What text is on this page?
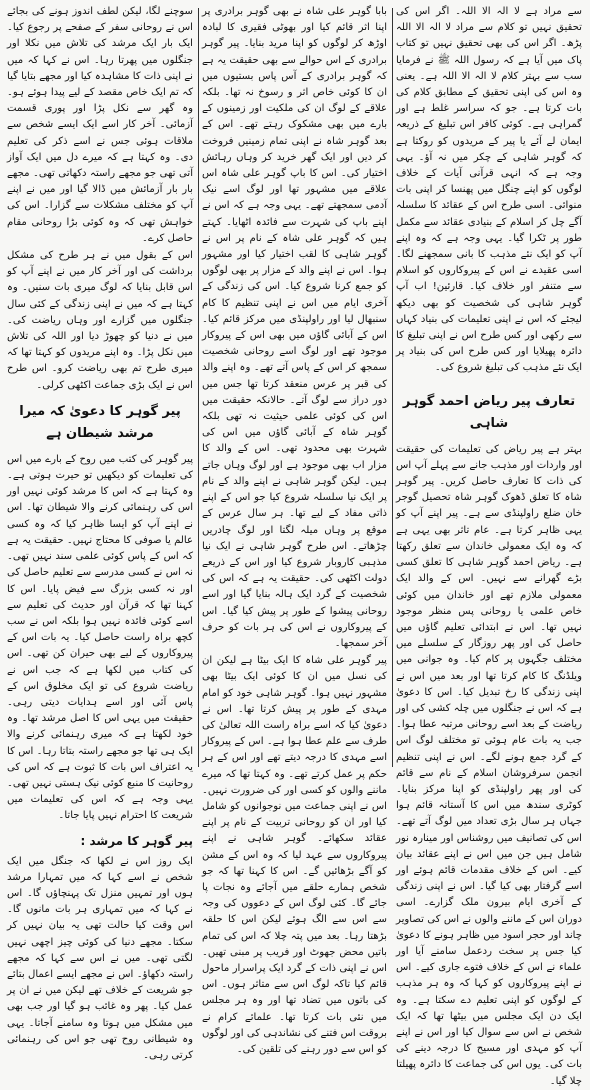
سے مراد ہے لا الہ الا اللہ۔ اگر اس کی تحقیق نہیں تو کلام سے مراد لا الہ الا اللہ پڑھ۔ اگر اس کی بھی تحقیق نہیں تو کتاب پاک میں آیا ہے کہ رسول اللہ ﷺ نے فرمایا سب سے بہتر کلام لا الہ الا اللہ ہے۔ یعنی وہ اس کی اپنی تحقیق کے مطابق کلام کی بات کرتا ہے۔ جو کہ سراسر غلط ہے اور گمراہی ہے۔ کوئی کافر اس تبلیغ کے ذریعہ ایمان لے آئے یا پیر کے مریدوں کو روکتا ہے کہ گوہر شاہی کے چکر میں نہ آؤ۔ یہی وجہ ہے کہ انہی قرآنی آیات کے خلاف لوگوں کو اپنے چنگل میں پھنسا کر اپنی بات منوائی۔ اسی طرح اس کے عقائد کا سلسلہ آگے چل کر اسلام کے بنیادی عقائد سے مکمل طور پر ٹکرا گیا۔ یہی وجہ ہے کہ وہ اپنے آپ کو ایک نئے مذہب کا بانی سمجھنے لگا۔ اسی عقیدے نے اس کے پیروکاروں کو اسلام سے متنفر اور خلاف کیا۔ قارئین! اب آپ گوہر شاہی کی شخصیت کو بھی دیکھ لیجئے کہ اس نے اپنی تعلیمات کی بنیاد کہاں سے رکھی اور کس طرح اس نے اپنی تبلیغ کا دائرہ پھیلایا اور کس طرح اس کی بنیاد پر ایک نئے مذہب کی تبلیغ شروع کی۔

تعارف پیر ریاض احمد گوہر شاہی

بہتر ہے پیر ریاض کی تعلیمات کی حقیقت اور واردات اور مذہب جانے سے پہلے آپ اس کی ذات کا تعارف حاصل کریں۔ پیر گوہر شاہ کا تعلق ڈھوک گوہر شاہ تحصیل گوجر خان ضلع راولپنڈی سے ہے۔ پیر اپنے آپ کو یہی ظاہر کرتا ہے۔ عام تاثر بھی یہی ہے کہ وہ ایک معمولی خاندان سے تعلق رکھتا ہے۔ ریاض احمد گوہر شاہی کا تعلق کسی بڑے گھرانے سے نہیں۔ اس کے والد ایک معمولی ملازم تھے اور خاندان میں کوئی خاص علمی یا روحانی پس منظر موجود نہیں تھا۔ اس نے ابتدائی تعلیم گاؤں میں حاصل کی اور پھر روزگار کے سلسلے میں مختلف جگہوں پر کام کیا۔ وہ جوانی میں ویلڈنگ کا کام کرتا تھا اور بعد میں اس نے اپنی زندگی کا رخ تبدیل کیا۔ اس کا دعویٰ ہے کہ اس نے جنگلوں میں چلہ کشی کی اور ریاضت کے بعد اسے روحانی مرتبہ عطا ہوا۔ جب یہ بات عام ہوئی تو مختلف لوگ اس کے گرد جمع ہونے لگے۔ اس نے اپنی تنظیم انجمن سرفروشان اسلام کے نام سے قائم کی اور پھر راولپنڈی کو اپنا مرکز بنایا۔ کوٹری سندھ میں اس کا آستانہ قائم ہوا جہاں ہر سال بڑی تعداد میں لوگ آتے تھے۔ اس کی تصانیف میں روشناس اور مینارہ نور شامل ہیں جن میں اس نے اپنے عقائد بیان کیے۔ اس کے خلاف مقدمات قائم ہوئے اور اسے گرفتار بھی کیا گیا۔ اس نے اپنی زندگی کے آخری ایام بیرون ملک گزارے۔ اسی دوران اس کے ماننے والوں نے اس کی تصاویر چاند اور حجر اسود میں ظاہر ہونے کا دعویٰ کیا جس پر سخت ردعمل سامنے آیا اور علماء نے اس کے خلاف فتوے جاری کیے۔ اس نے اپنے پیروکاروں کو کہا کہ وہ ہر مذہب کے لوگوں کو اپنی تعلیم دے سکتا ہے۔ وہ ایک دن ایک مجلس میں بیٹھا تھا کہ ایک شخص نے اس سے سوال کیا اور اس نے اپنے آپ کو مہدی اور مسیح کا درجہ دینے کی بات کی۔ یوں اس کی جماعت کا دائرہ پھیلتا چلا گیا۔

بابا گوہر علی شاہ نے بھی گوہر برادری پر اپنا اثر قائم کیا اور بھوٹی فقیری کا لبادہ اوڑھ کر لوگوں کو اپنا مرید بنایا۔ پیر گوہر برادری کے اس حوالے سے بھی حقیقت یہ ہے کہ گوہر برادری کے آس پاس بستیوں میں ان کا کوئی خاص اثر و رسوخ نہ تھا۔ بلکہ علاقے کے لوگ ان کی ملکیت اور زمینوں کے بارے میں بھی مشکوک رہتے تھے۔ اس کے بعد گوہر شاہ نے اپنی تمام زمینیں فروخت کر دیں اور ایک گھر خرید کر وہاں رہائش اختیار کی۔ اس کا باپ گوہر علی شاہ اس علاقے میں مشہور تھا اور لوگ اسے نیک آدمی سمجھتے تھے۔ یہی وجہ ہے کہ اس نے اپنے باپ کی شہرت سے فائدہ اٹھایا۔ کہتے ہیں کہ گوہر علی شاہ کے نام پر اس نے گوہر شاہی کا لقب اختیار کیا اور مشہور ہوا۔ اس نے اپنے والد کے مزار پر بھی لوگوں کو جمع کرنا شروع کیا۔ اس کی زندگی کے آخری ایام میں اس نے اپنی تنظیم کا کام سنبھال لیا اور راولپنڈی میں مرکز قائم کیا۔ اس کے آبائی گاؤں میں بھی اس کے پیروکار موجود تھے اور لوگ اسے روحانی شخصیت سمجھ کر اس کے پاس آتے تھے۔ وہ اپنے والد کی قبر پر عرس منعقد کرتا تھا جس میں دور دراز سے لوگ آتے۔ حالانکہ حقیقت میں اس کی کوئی علمی حیثیت نہ تھی بلکہ گوہر شاہ کے آبائی گاؤں میں اس کی شہرت بھی محدود تھی۔ اس کے والد کا مزار اب بھی موجود ہے اور لوگ وہاں جاتے ہیں۔ لیکن گوہر شاہی نے اپنے والد کے نام پر ایک نیا سلسلہ شروع کیا جو اس کے اپنے ذاتی مفاد کے لیے تھا۔ ہر سال عرس کے موقع پر وہاں میلہ لگتا اور لوگ چادریں چڑھاتے۔ اس طرح گوہر شاہی نے ایک نیا مذہبی کاروبار شروع کیا اور اس کے ذریعے دولت اکٹھی کی۔ حقیقت یہ ہے کہ اس کی شخصیت کے گرد ایک ہالہ بنایا گیا اور اسے روحانی پیشوا کے طور پر پیش کیا گیا۔ اس کے پیروکاروں نے اس کی ہر بات کو حرف آخر سمجھا۔

پیر گوہر علی شاہ کا ایک بیٹا ہے لیکن ان کی نسل میں ان کا کوئی ایک بیٹا بھی مشہور نہیں ہوا۔ گوہر شاہی خود کو امام مہدی کے طور پر پیش کرتا تھا۔ اس نے دعویٰ کیا کہ اسے براہ راست اللہ تعالیٰ کی طرف سے علم عطا ہوا ہے۔ اس کے پیروکار اسے مہدی کا درجہ دیتے تھے اور اس کے ہر حکم پر عمل کرتے تھے۔ وہ کہتا تھا کہ میرے ماننے والوں کو کسی اور کی ضرورت نہیں۔ اس نے اپنی جماعت میں نوجوانوں کو شامل کیا اور ان کو روحانی تربیت کے نام پر اپنے عقائد سکھائے۔ گوہر شاہی نے اپنے پیروکاروں سے عہد لیا کہ وہ اس کے مشن کو آگے بڑھائیں گے۔ اس کا کہنا تھا کہ جو شخص ہمارے حلقے میں آجائے وہ نجات پا جائے گا۔ کئی لوگ اس کے دعووں کی وجہ سے اس سے الگ ہوئے لیکن اس کا حلقہ بڑھتا رہا۔ بعد میں پتہ چلا کہ اس کی تمام باتیں محض جھوٹ اور فریب پر مبنی تھیں۔ اس نے اپنی ذات کے گرد ایک پراسرار ماحول قائم کیا تاکہ لوگ اس سے متاثر ہوں۔ اس کی باتوں میں تضاد تھا اور وہ ہر مجلس میں نئی بات کرتا تھا۔ علمائے کرام نے بروقت اس فتنے کی نشاندہی کی اور لوگوں کو اس سے دور رہنے کی تلقین کی۔

سوچنے لگا، لیکن لطف اندوز ہونے کی بجائے اس نے روحانی سفر کے صفحے پر رجوع کیا۔ ایک بار ایک مرشد کی تلاش میں نکلا اور جنگلوں میں پھرتا رہا۔ اس نے کہا کہ میں نے اپنی ذات کا مشاہدہ کیا اور مجھے بتایا گیا کہ تم ایک خاص مقصد کے لیے پیدا ہوئے ہو۔ وہ گھر سے نکل پڑا اور پوری قسمت آزمائی۔ آخر کار اسے ایک ایسے شخص سے ملاقات ہوئی جس نے اسے ذکر کی تعلیم دی۔ وہ کہتا ہے کہ میرے دل میں ایک آواز آتی تھی جو مجھے راستہ دکھاتی تھی۔ مجھے بار بار آزمائش میں ڈالا گیا اور میں نے اپنے آپ کو مختلف مشکلات سے گزارا۔ اس کی خواہش تھی کہ وہ کوئی بڑا روحانی مقام حاصل کرے۔

اس کے بقول میں نے ہر طرح کی مشکل برداشت کی اور آخر کار میں نے اپنے آپ کو اس قابل بنایا کہ لوگ میری بات سنیں۔ وہ کہتا ہے کہ میں نے اپنی زندگی کے کئی سال جنگلوں میں گزارے اور وہاں ریاضت کی۔ میں نے دنیا کو چھوڑ دیا اور اللہ کی تلاش میں نکل پڑا۔ وہ اپنے مریدوں کو کہتا تھا کہ میری طرح تم بھی ریاضت کرو۔ اس طرح اس نے ایک بڑی جماعت اکٹھی کرلی۔

پیر گوہر کا دعویٰ کہ میرا مرشد شیطان ہے

پیر گوہر کی کتب میں روح کے بارے میں اس کی تعلیمات کو دیکھیں تو حیرت ہوتی ہے۔ وہ کہتا ہے کہ اس کا مرشد کوئی نہیں اور اس کی رہنمائی کرنے والا شیطان تھا۔ اس نے اپنے آپ کو ایسا ظاہر کیا کہ وہ کسی عالم یا صوفی کا محتاج نہیں۔ حقیقت یہ ہے کہ اس کے پاس کوئی علمی سند نہیں تھی۔ نہ اس نے کسی مدرسے سے تعلیم حاصل کی اور نہ کسی بزرگ سے فیض پایا۔ اس کا کہنا تھا کہ قرآن اور حدیث کی تعلیم سے اسے کوئی فائدہ نہیں ہوا بلکہ اس نے سب کچھ براہ راست حاصل کیا۔ یہ بات اس کے پیروکاروں کے لیے بھی حیران کن تھی۔ اس کی کتاب میں لکھا ہے کہ جب اس نے ریاضت شروع کی تو ایک مخلوق اس کے پاس آئی اور اسے ہدایات دیتی رہی۔ حقیقت میں یہی اس کا اصل مرشد تھا۔ وہ خود لکھتا ہے کہ میری رہنمائی کرنے والا ایک ہی تھا جو مجھے راستہ بتاتا رہا۔ اس کا یہ اعتراف اس بات کا ثبوت ہے کہ اس کی روحانیت کا منبع کوئی نیک ہستی نہیں تھی۔ یہی وجہ ہے کہ اس کی تعلیمات میں شریعت کا احترام نہیں پایا جاتا۔

پیر گوہر کا مرشد :

ایک روز اس نے لکھا کہ جنگل میں ایک شخص نے اسے کہا کہ میں تمہارا مرشد ہوں اور تمہیں منزل تک پہنچاؤں گا۔ اس نے کہا کہ میں تمہاری ہر بات مانوں گا۔ اس وقت کیا حالت تھی یہ بیان نہیں کر سکتا۔ مجھے دنیا کی کوئی چیز اچھی نہیں لگتی تھی۔ میں نے اس سے کہا کہ مجھے راستہ دکھاؤ۔ اس نے مجھے ایسے اعمال بتائے جو شریعت کے خلاف تھے لیکن میں نے ان پر عمل کیا۔ پھر وہ غائب ہو گیا اور جب بھی میں مشکل میں ہوتا وہ سامنے آجاتا۔ یہی وہ شیطانی روح تھی جو اس کی رہنمائی کرتی رہی۔
